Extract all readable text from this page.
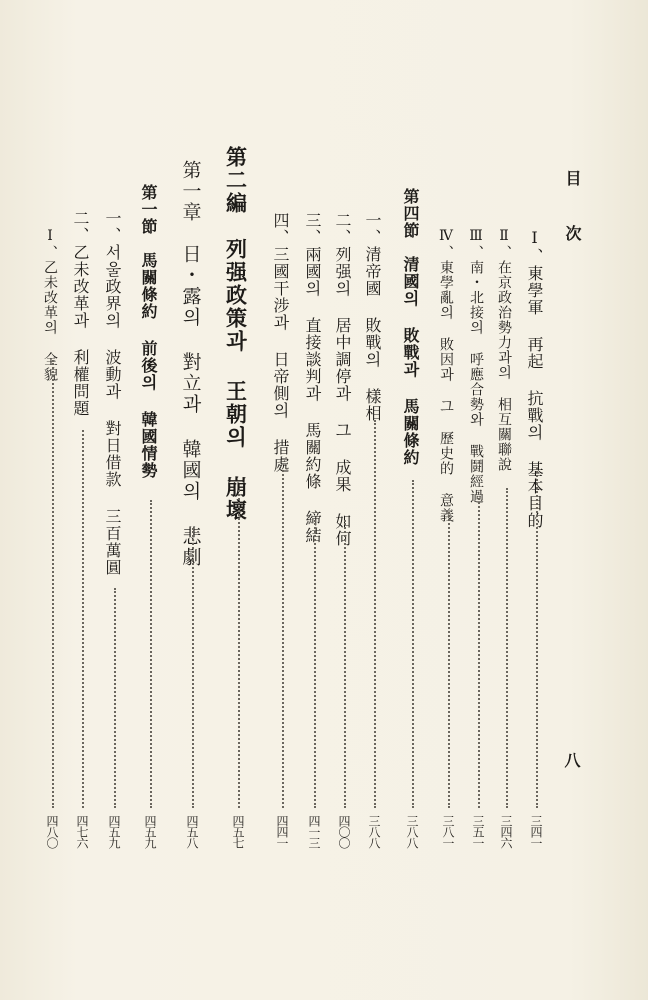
目 次
八
Ⅰ、東學軍 再起 抗戰의 基本目的
三四一
Ⅱ、在京政治勢力과의 相互關聯說
三四六
Ⅲ、南・北接의 呼應合勢와 戰鬪經過
三五一
Ⅳ、東學亂의 敗因과 그 歷史的 意義
三八一
第四節　清國의 敗戰과 馬關條約
三八八
一、清帝國 敗戰의 樣相
三八八
二、列强의 居中調停과 그 成果 如何
四〇〇
三、兩國의 直接談判과 馬關約條 締結
四一三
四、三國干涉과 日帝側의 措處
四四一
第二編　列强政策과 王朝의 崩壞
四五七
第一章　日・露의 對立과 韓國의 悲劇
四五八
第一節　馬關條約 前後의 韓國情勢
四五九
一、서울政界의 波動과 對日借款 三百萬圓
四五九
二、乙未改革과 利權問題
四七六
Ⅰ、乙未改革의 全貌
四八〇
